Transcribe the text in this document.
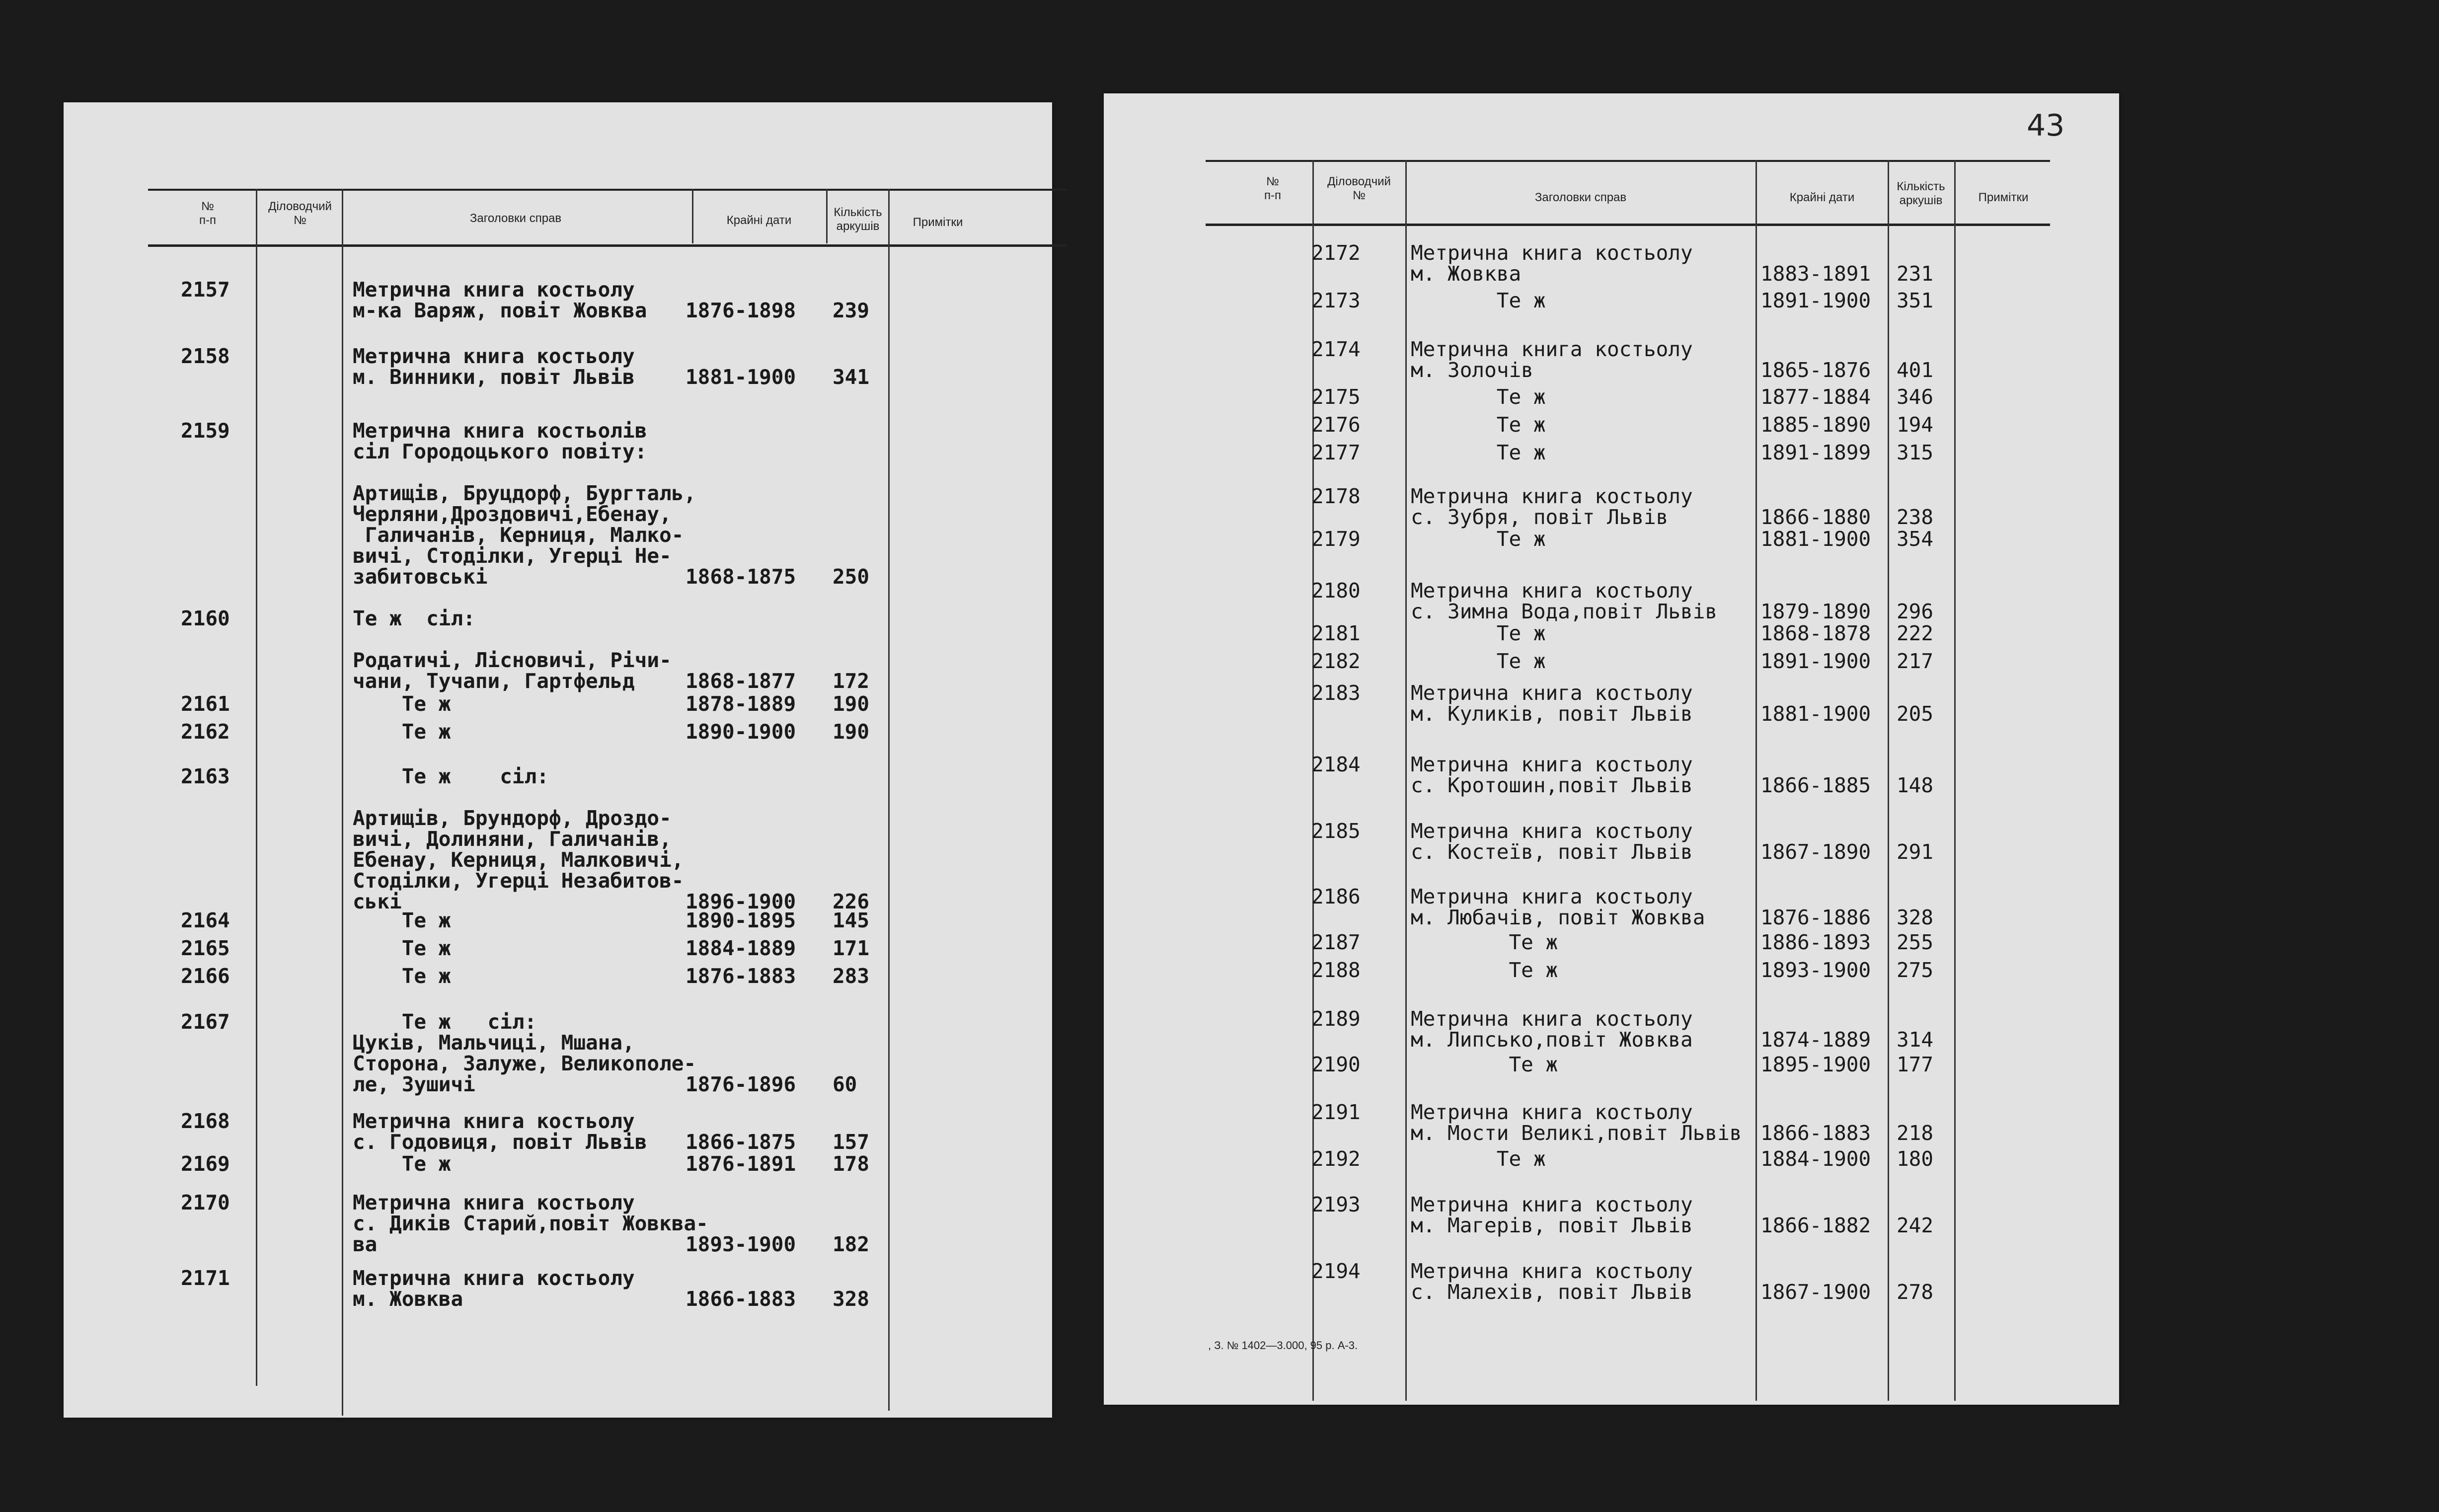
№
п-п
Діловодчий
№	Заголовки справ	Крайні дати
Кількість
аркушів	Примітки
2157	Метрична книга костьолу
м-ка Варяж, повіт Жовква 1876-1898 239
2158	Метрична книга костьолу
м. Винники, повіт Львів 1881-1900 341
2159	Метрична книга костьолів
сіл Городоцького повіту:

Артищів, Бруцдорф, Бургталь,
Черляни,Дроздовичі,Ебенау,
Галичанів, Керниця, Малко-
вичі, Стоділки, Угерці Не-
забитовські	1868-1875 250
2160	Те ж  сіл:

Родатичі, Лісновичі, Річи-
чани, Тучапи, Гартфельд	1868-1877 172
2161	Те ж	1878-1889 190
2162	Те ж	1890-1900 190
2163	Те ж    сіл:

Артищів, Брундорф, Дроздо-
вичі, Долиняни, Галичанів,
Ебенау, Керниця, Малковичі,
Стоділки, Угерці Незабитов-
ські	1896-1900 226
2164	Те ж	1890-1895 145
2165	Те ж	1884-1889 171
2166	Те ж	1876-1883 283
2167	Те ж   сіл:
Цуків, Мальчиці, Мшана,
Сторона, Залуже, Великополе-
ле, Зушичі	1876-1896 60
2168	Метрична книга костьолу
с. Годовиця, повіт Львів 1866-1875 157
2169	Те ж	1876-1891 178
2170	Метрична книга костьолу
с. Диків Старий,повіт Жовква-
ва	1893-1900 182
2171	Метрична книга костьолу
м. Жовква	1866-1883 328
43
№
п-п
Діловодчий
№	Заголовки справ	Крайні дати
Кількість
аркушів	Примітки
2172 Метрична книга костьолу
м. Жовква	1883-1891 231
2173 Те ж	1891-1900 351
2174 Метрична книга костьолу
м. Золочів	1865-1876 401
2175 Те ж	1877-1884 346
2176 Те ж	1885-1890 194
2177 Те ж	1891-1899 315
2178 Метрична книга костьолу
с. Зубря, повіт Львів	1866-1880 238
2179 Те ж	1881-1900 354
2180 Метрична книга костьолу
с. Зимна Вода,повіт Львів 1879-1890 296
2181 Те ж	1868-1878 222
2182 Те ж	1891-1900 217
2183 Метрична книга костьолу
м. Куликів, повіт Львів	1881-1900 205
2184 Метрична книга костьолу
с. Кротошин,повіт Львів	1866-1885 148
2185 Метрична книга костьолу
с. Костеїв, повіт Львів	1867-1890 291
2186 Метрична книга костьолу
м. Любачів, повіт Жовква	1876-1886 328
2187 Те ж	1886-1893 255
2188 Те ж	1893-1900 275
2189 Метрична книга костьолу
м. Липсько,повіт Жовква	1874-1889 314
2190 Те ж	1895-1900 177
2191 Метрична книга костьолу
м. Мости Великі,повіт Львів 1866-1883 218
2192 Те ж	1884-1900 180
2193 Метрична книга костьолу
м. Магерів, повіт Львів	1866-1882 242
2194 Метрична книга костьолу
с. Малехів, повіт Львів	1867-1900 278
, З. № 1402—3.000, 95 р. А-3.
